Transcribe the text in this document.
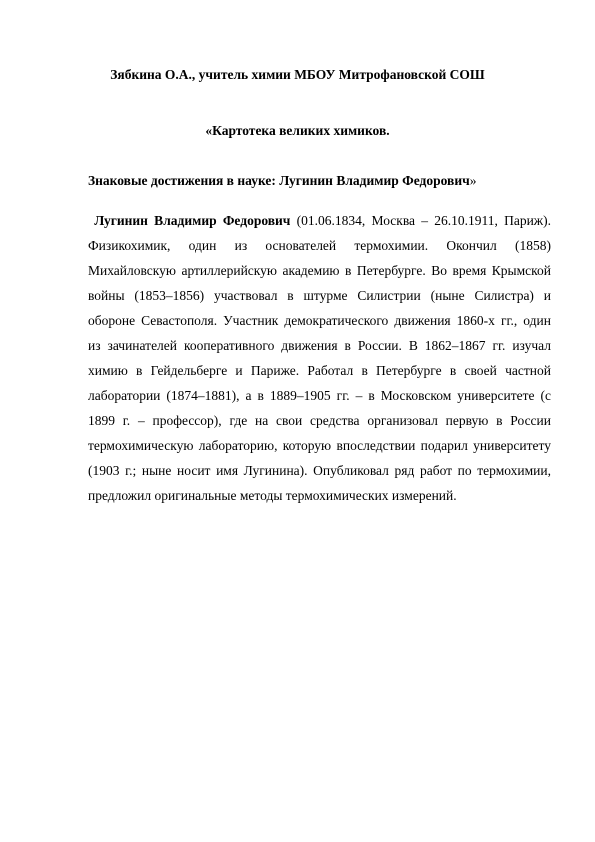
Зябкина О.А., учитель химии МБОУ Митрофановской СОШ
«Картотека великих химиков.
Знаковые достижения в науке: Лугинин Владимир Федорович»
Лугинин Владимир Федорович (01.06.1834, Москва – 26.10.1911, Париж).
Физикохимик, один из основателей термохимии. Окончил (1858)
Михайловскую артиллерийскую академию в Петербурге. Во время Крымской
войны (1853–1856) участвовал в штурме Силистрии (ныне Силистра) и
обороне Севастополя. Участник демократического движения 1860-х гг., один
из зачинателей кооперативного движения в России. В 1862–1867 гг. изучал
химию в Гейдельберге и Париже. Работал в Петербурге в своей частной
лаборатории (1874–1881), а в 1889–1905 гг. – в Московском университете (с
1899 г. – профессор), где на свои средства организовал первую в России
термохимическую лабораторию, которую впоследствии подарил университету
(1903 г.; ныне носит имя Лугинина). Опубликовал ряд работ по термохимии,
предложил оригинальные методы термохимических измерений.
